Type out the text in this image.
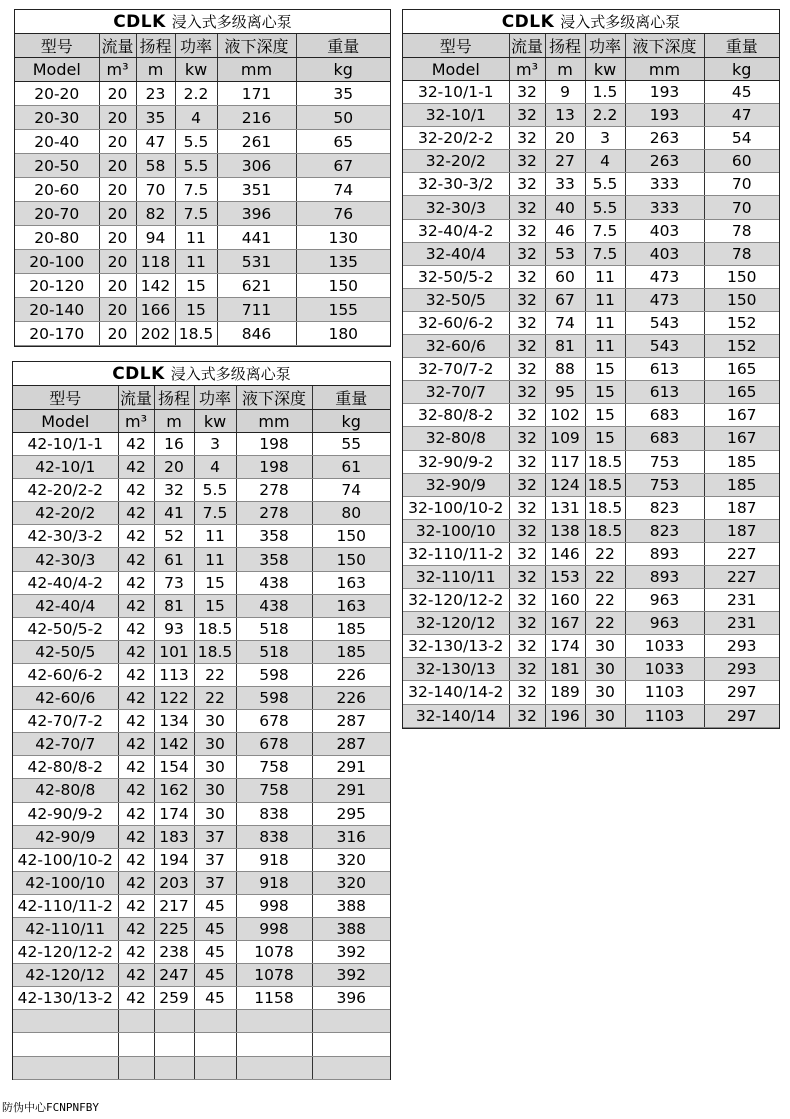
CDLK 浸入式多级离心泵
型号	流量	扬程	功率	液下深度	重量
Model	m³	m	kw	mm	kg
20-20	20	23	2.2	171	35
20-30	20	35	4	216	50
20-40	20	47	5.5	261	65
20-50	20	58	5.5	306	67
20-60	20	70	7.5	351	74
20-70	20	82	7.5	396	76
20-80	20	94	11	441	130
20-100	20	118	11	531	135
20-120	20	142	15	621	150
20-140	20	166	15	711	155
20-170	20	202	18.5	846	180
CDLK 浸入式多级离心泵
型号	流量	扬程	功率	液下深度	重量
Model	m³	m	kw	mm	kg
42-10/1-1	42	16	3	198	55
42-10/1	42	20	4	198	61
42-20/2-2	42	32	5.5	278	74
42-20/2	42	41	7.5	278	80
42-30/3-2	42	52	11	358	150
42-30/3	42	61	11	358	150
42-40/4-2	42	73	15	438	163
42-40/4	42	81	15	438	163
42-50/5-2	42	93	18.5	518	185
42-50/5	42	101	18.5	518	185
42-60/6-2	42	113	22	598	226
42-60/6	42	122	22	598	226
42-70/7-2	42	134	30	678	287
42-70/7	42	142	30	678	287
42-80/8-2	42	154	30	758	291
42-80/8	42	162	30	758	291
42-90/9-2	42	174	30	838	295
42-90/9	42	183	37	838	316
42-100/10-2	42	194	37	918	320
42-100/10	42	203	37	918	320
42-110/11-2	42	217	45	998	388
42-110/11	42	225	45	998	388
42-120/12-2	42	238	45	1078	392
42-120/12	42	247	45	1078	392
42-130/13-2	42	259	45	1158	396

CDLK 浸入式多级离心泵
型号	流量	扬程	功率	液下深度	重量
Model	m³	m	kw	mm	kg
32-10/1-1	32	9	1.5	193	45
32-10/1	32	13	2.2	193	47
32-20/2-2	32	20	3	263	54
32-20/2	32	27	4	263	60
32-30-3/2	32	33	5.5	333	70
32-30/3	32	40	5.5	333	70
32-40/4-2	32	46	7.5	403	78
32-40/4	32	53	7.5	403	78
32-50/5-2	32	60	11	473	150
32-50/5	32	67	11	473	150
32-60/6-2	32	74	11	543	152
32-60/6	32	81	11	543	152
32-70/7-2	32	88	15	613	165
32-70/7	32	95	15	613	165
32-80/8-2	32	102	15	683	167
32-80/8	32	109	15	683	167
32-90/9-2	32	117	18.5	753	185
32-90/9	32	124	18.5	753	185
32-100/10-2	32	131	18.5	823	187
32-100/10	32	138	18.5	823	187
32-110/11-2	32	146	22	893	227
32-110/11	32	153	22	893	227
32-120/12-2	32	160	22	963	231
32-120/12	32	167	22	963	231
32-130/13-2	32	174	30	1033	293
32-130/13	32	181	30	1033	293
32-140/14-2	32	189	30	1103	297
32-140/14	32	196	30	1103	297
防伪中心FCNPNFBY
